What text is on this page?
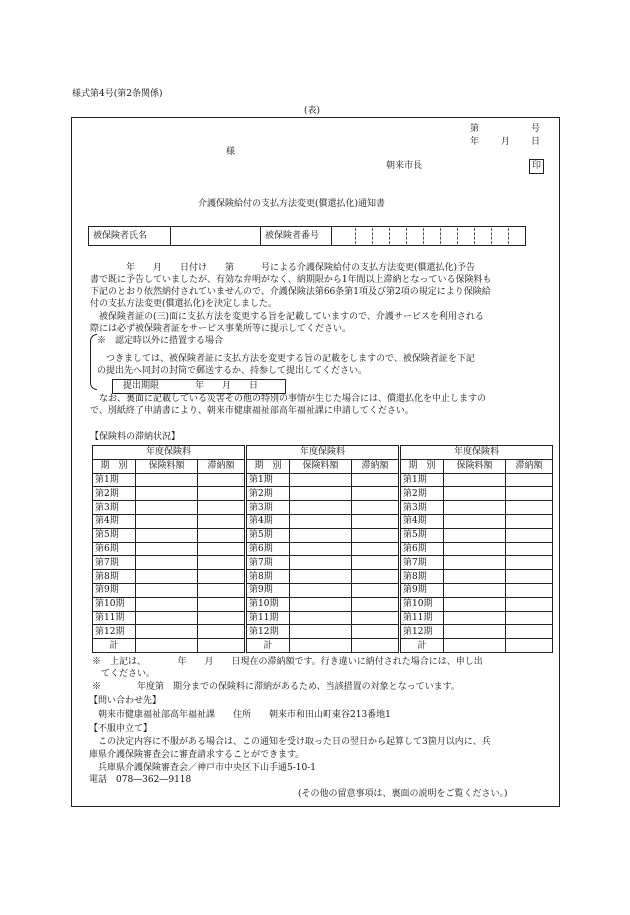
様式第4号(第2条関係)
(表)
第	号
年 月 日
様
朝来市長	印
介護保険給付の支払方法変更(償還払化)通知書
被保険者氏名	被保険者番号
　　　　年　　月　　日付け　　第　　　号による介護保険給付の支払方法変更(償還払化)予告
書で既に予告していましたが、有効な弁明がなく、納期限から1年間以上滞納となっている保険料も
下記のとおり依然納付されていませんので、介護保険法第66条第1項及び第2項の規定により保険給
付の支払方法変更(償還払化)を決定しました。
　被保険者証の(三)面に支払方法を変更する旨を記載していますので、介護サービスを利用される
際には必ず被保険者証をサービス事業所等に提示してください。
※　認定時以外に措置する場合
　つきましては、被保険者証に支払方法を変更する旨の記載をしますので、被保険者証を下記
の提出先へ同封の封筒で郵送するか、持参して提出してください。
提出期限　　　　年　　月　　日
　なお、裏面に記載している災害その他の特別の事情が生じた場合には、償還払化を中止しますの
で、別紙終了申請書により、朝来市健康福祉部高年福祉課に申請してください。
【保険料の滞納状況】
年度保険料				年度保険料				年度保険料		
期　別	保険料額	滞納額		期　別	保険料額	滞納額		期　別	保険料額	滞納額
第1期				第1期				第1期		
第2期				第2期				第2期		
第3期				第3期				第3期		
第4期				第4期				第4期		
第5期				第5期				第5期		
第6期				第6期				第6期		
第7期				第7期				第7期		
第8期				第8期				第8期		
第9期				第9期				第9期		
第10期				第10期				第10期		
第11期				第11期				第11期		
第12期				第12期				第12期		
計				計				計		
※　上記は、　　　　年　　月　　日現在の滞納額です。行き違いに納付された場合には、申し出
　てください。
※　　　　年度第　期分までの保険料に滞納があるため、当該措置の対象となっています。
【問い合わせ先】
　朝来市健康福祉部高年福祉課　　住所　　朝来市和田山町東谷213番地1
【不服申立て】
　この決定内容に不服がある場合は、この通知を受け取った日の翌日から起算して3箇月以内に、兵
庫県介護保険審査会に審査請求することができます。
　兵庫県介護保険審査会／神戸市中央区下山手通5-10-1
電話　078―362―9118
(その他の留意事項は、裏面の説明をご覧ください。)
